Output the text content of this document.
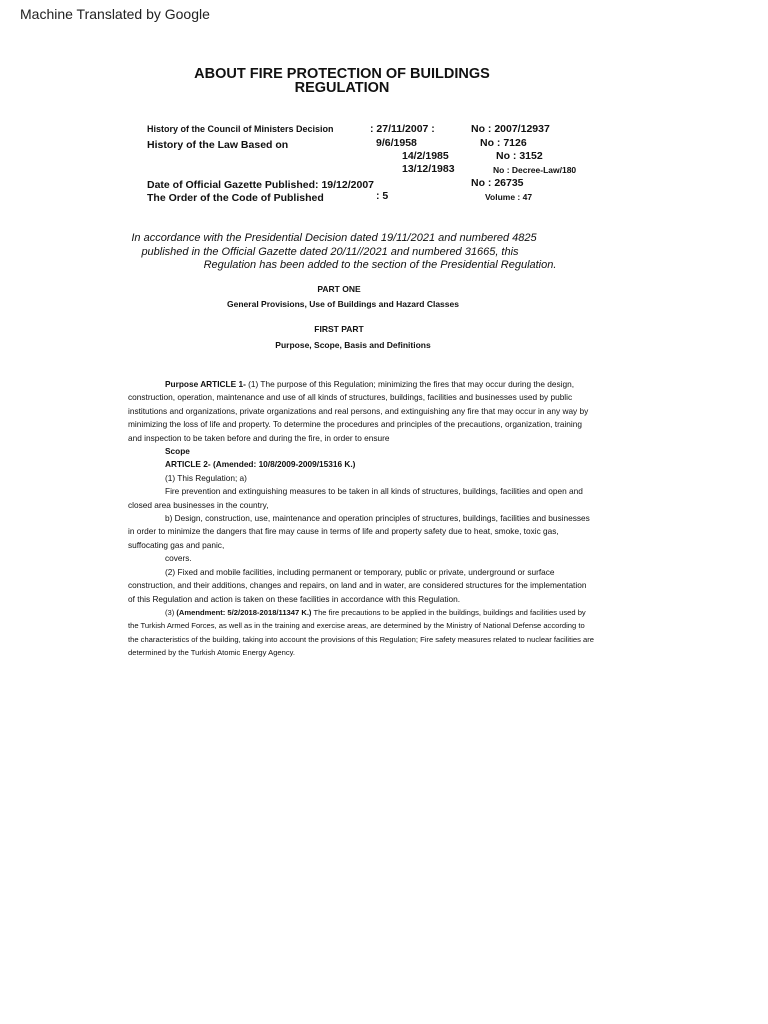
Machine Translated by Google
ABOUT FIRE PROTECTION OF BUILDINGS
REGULATION
History of the Council of Ministers Decision	: 27/11/2007 :	No : 2007/12937
History of the Law Based on	9/6/1958	No : 7126
14/2/1985	No : 3152
13/12/1983	No : Decree-Law/180
Date of Official Gazette Published: 19/12/2007	No : 26735
The Order of the Code of Published	: 5	Volume : 47
In accordance with the Presidential Decision dated 19/11/2021 and numbered 4825
published in the Official Gazette dated 20/11//2021 and numbered 31665, this
Regulation has been added to the section of the Presidential Regulation.
PART ONE
General Provisions, Use of Buildings and Hazard Classes
FIRST PART
Purpose, Scope, Basis and Definitions

Purpose ARTICLE 1- (1) The purpose of this Regulation; minimizing the fires that may occur during the design, construction, operation, maintenance and use of all kinds of structures, buildings, facilities and businesses used by public institutions and organizations, private organizations and real persons, and extinguishing any fire that may occur in any way by minimizing the loss of life and property. To determine the procedures and principles of the precautions, organization, training and inspection to be taken before and during the fire, in order to ensure

Scope

ARTICLE 2- (Amended: 10/8/2009-2009/15316 K.)

(1) This Regulation; a)

Fire prevention and extinguishing measures to be taken in all kinds of structures, buildings, facilities and open and closed area businesses in the country,

b) Design, construction, use, maintenance and operation principles of structures, buildings, facilities and businesses in order to minimize the dangers that fire may cause in terms of life and property safety due to heat, smoke, toxic gas, suffocating gas and panic,

covers.

(2) Fixed and mobile facilities, including permanent or temporary, public or private, underground or surface construction, and their additions, changes and repairs, on land and in water, are considered structures for the implementation of this Regulation and action is taken on these facilities in accordance with this Regulation.

(3) (Amendment: 5/2/2018-2018/11347 K.) The fire precautions to be applied in the buildings, buildings and facilities used by the Turkish Armed Forces, as well as in the training and exercise areas, are determined by the Ministry of National Defense according to the characteristics of the building, taking into account the provisions of this Regulation; Fire safety measures related to nuclear facilities are determined by the Turkish Atomic Energy Agency.
